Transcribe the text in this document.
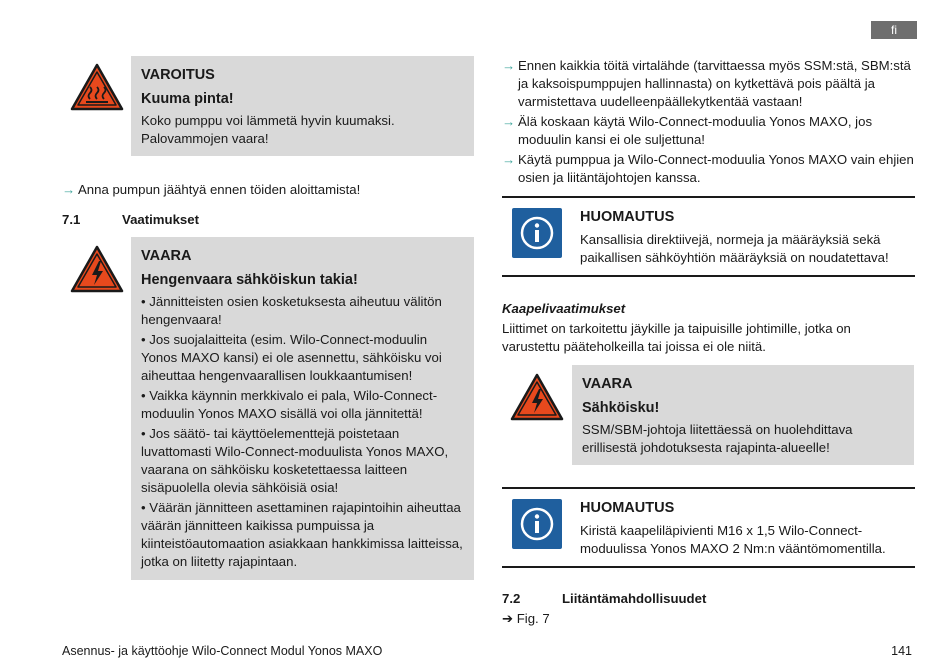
fi
VAROITUS
Kuuma pinta!
Koko pumppu voi lämmetä hyvin kuumaksi. Palovammojen vaara!
→ Anna pumpun jäähtyä ennen töiden aloittamista!
7.1	Vaatimukset
VAARA
Hengenvaara sähköiskun takia!

• Jännitteisten osien kosketuksesta aiheutuu välitön hengenvaara!

• Jos suojalaitteita (esim. Wilo-Connect-moduulin Yonos MAXO kansi) ei ole asennettu, sähköisku voi aiheuttaa hengenvaarallisen loukkaantumisen!

• Vaikka käynnin merkkivalo ei pala, Wilo-Connect-moduulin Yonos MAXO sisällä voi olla jännitettä!

• Jos säätö- tai käyttöelementtejä poistetaan luvattomasti Wilo-Connect-moduulista Yonos MAXO, vaarana on sähköisku kosketettaessa laitteen sisäpuolella olevia sähköisiä osia!

• Väärän jännitteen asettaminen rajapintoihin aiheuttaa väärän jännitteen kaikissa pumpuissa ja kiinteistöautomaation asiakkaan hankkimissa laitteissa, jotka on liitetty rajapintaan.

→ Ennen kaikkia töitä virtalähde (tarvittaessa myös SSM:stä, SBM:stä ja kaksoispumppujen hallinnasta) on kytkettävä pois päältä ja varmistettava uudelleenpäällekytkentää vastaan!
→ Älä koskaan käytä Wilo-Connect-moduulia Yonos MAXO, jos moduulin kansi ei ole suljettuna!
→ Käytä pumppua ja Wilo-Connect-moduulia Yonos MAXO vain ehjien osien ja liitäntäjohtojen kanssa.
HUOMAUTUS
Kansallisia direktiivejä, normeja ja määräyksiä sekä paikallisen sähköyhtiön määräyksiä on noudatettava!
Kaapelivaatimukset
Liittimet on tarkoitettu jäykille ja taipuisille johtimille, jotka on varustettu pääteholkeilla tai joissa ei ole niitä.
VAARA
Sähköisku!
SSM/SBM-johtoja liitettäessä on huolehdittava erillisestä johdotuksesta rajapinta-alueelle!
HUOMAUTUS
Kiristä kaapeliläpivienti M16 x 1,5 Wilo-Connect-moduulissa Yonos MAXO 2 Nm:n vääntömomentilla.
7.2	Liitäntämahdollisuudet
➔ Fig. 7
Asennus- ja käyttöohje Wilo-Connect Modul Yonos MAXO	141
